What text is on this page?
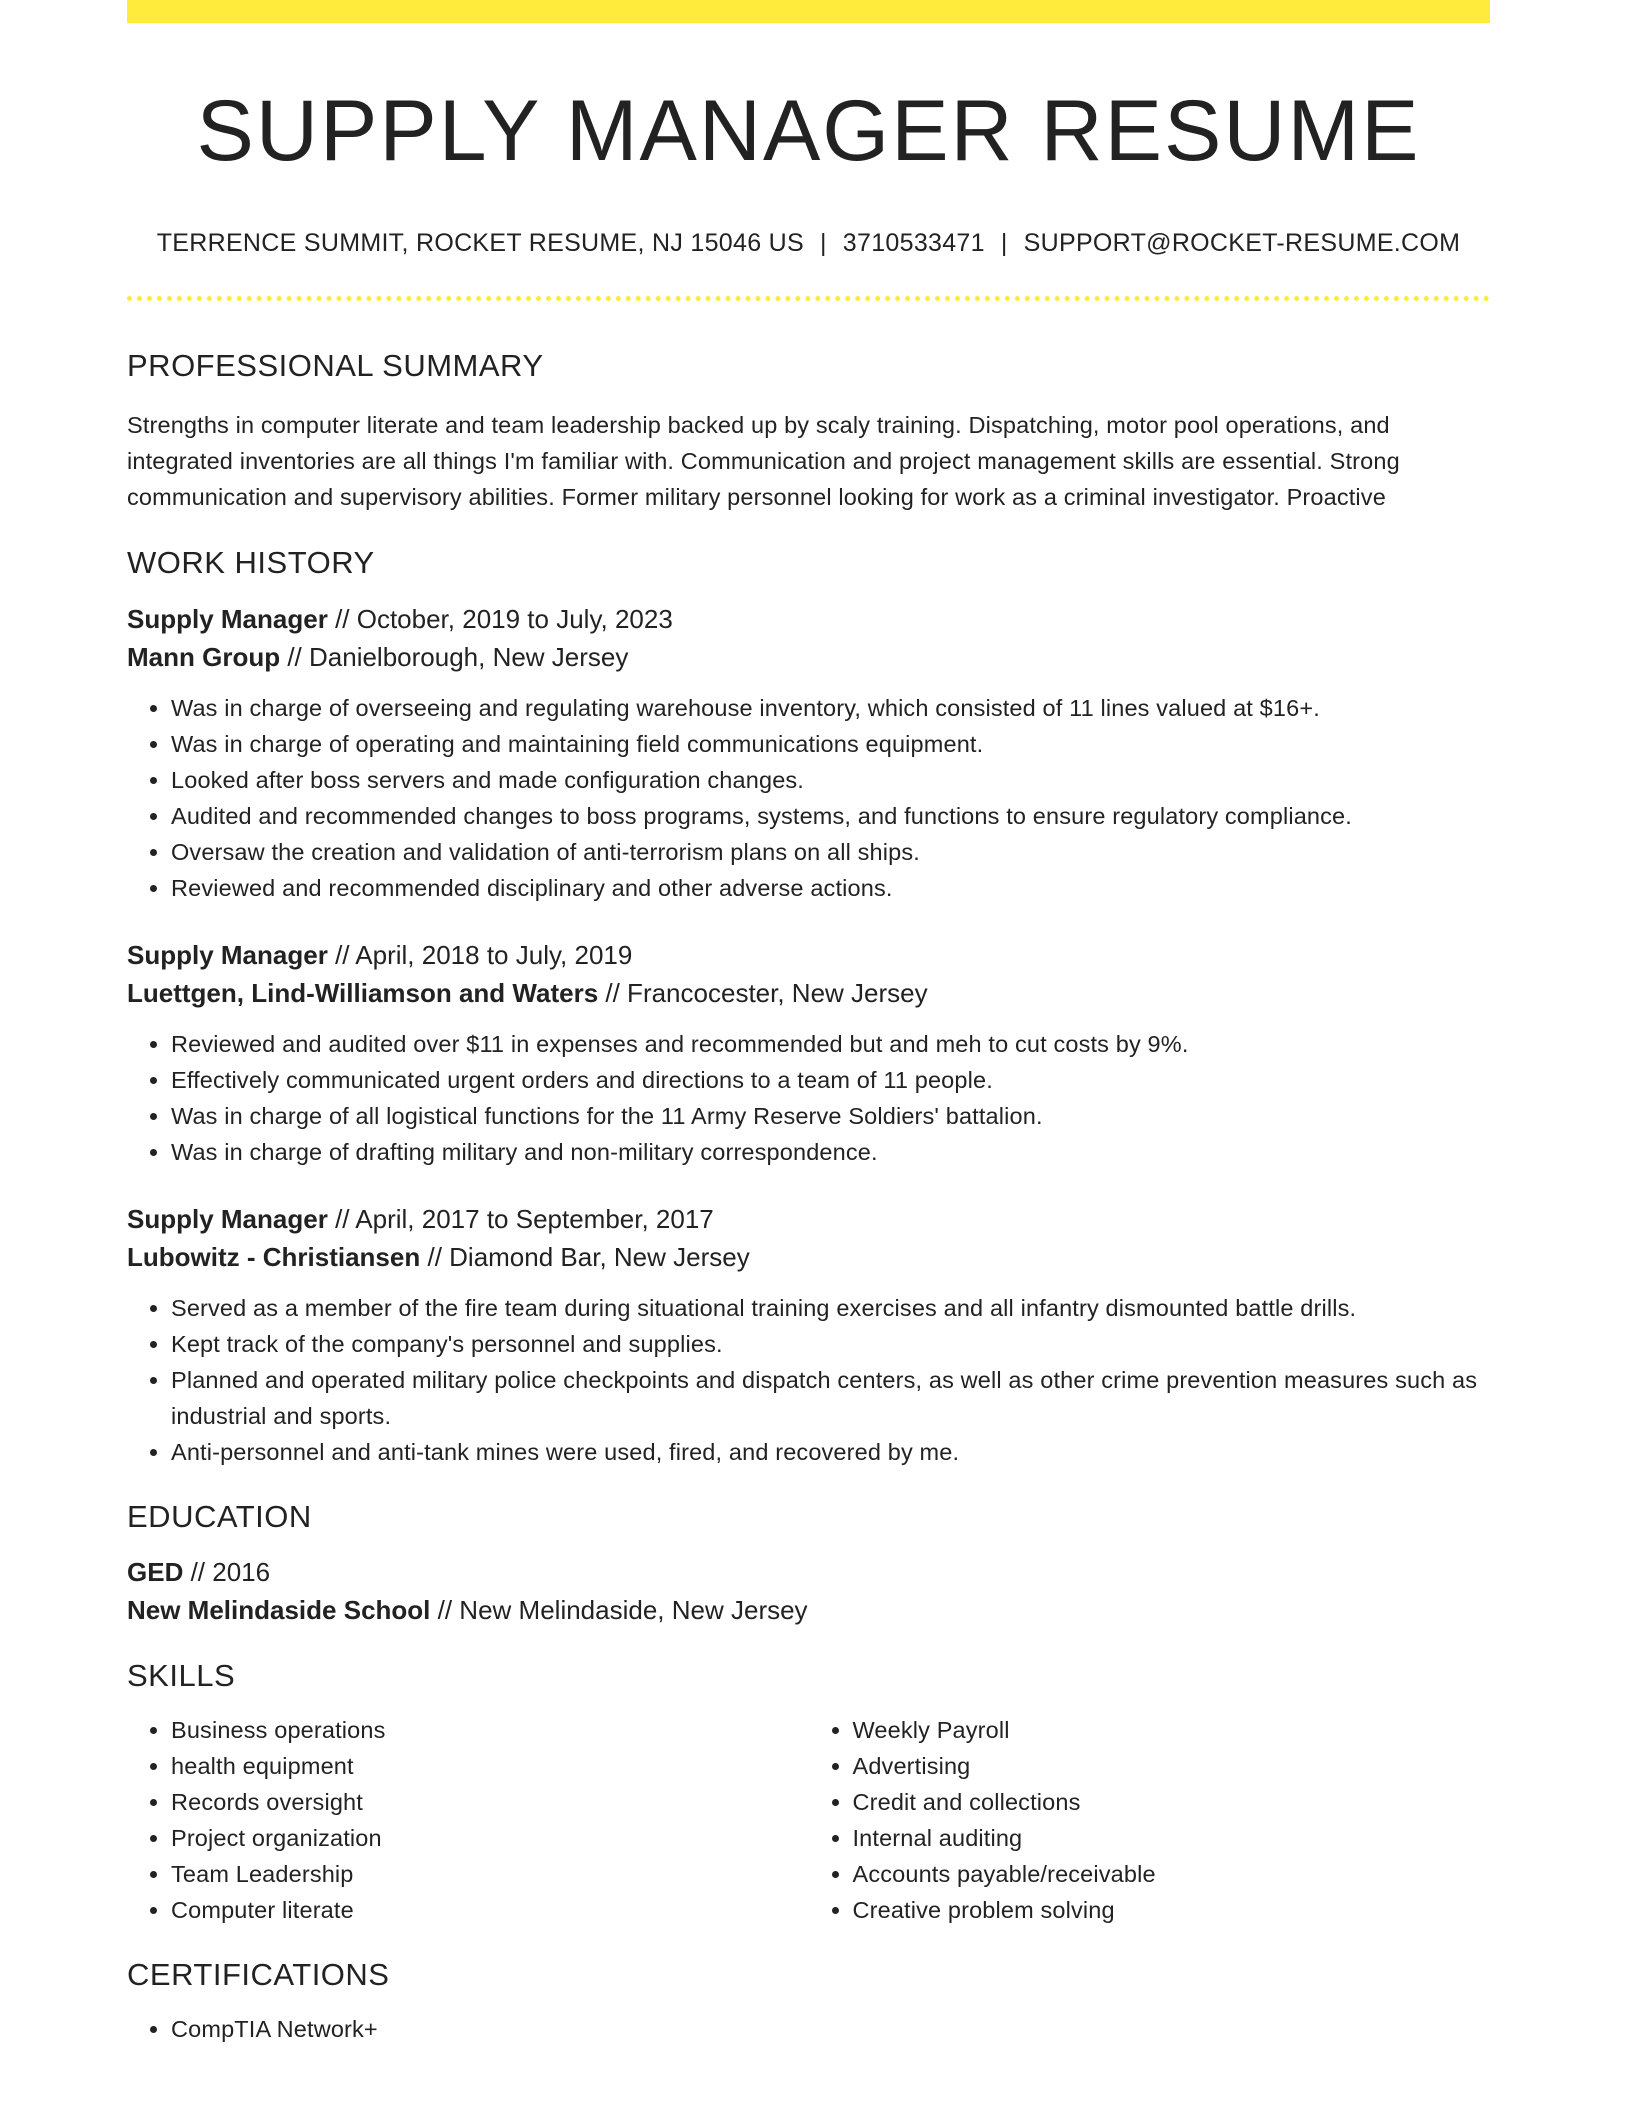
SUPPLY MANAGER RESUME
TERRENCE SUMMIT, ROCKET RESUME, NJ 15046 US | 3710533471 | SUPPORT@ROCKET-RESUME.COM
PROFESSIONAL SUMMARY
Strengths in computer literate and team leadership backed up by scaly training. Dispatching, motor pool operations, and integrated inventories are all things I'm familiar with. Communication and project management skills are essential. Strong communication and supervisory abilities. Former military personnel looking for work as a criminal investigator. Proactive
WORK HISTORY
Supply Manager // October, 2019 to July, 2023
Mann Group // Danielborough, New Jersey
• Was in charge of overseeing and regulating warehouse inventory, which consisted of 11 lines valued at $16+.
• Was in charge of operating and maintaining field communications equipment.
• Looked after boss servers and made configuration changes.
• Audited and recommended changes to boss programs, systems, and functions to ensure regulatory compliance.
• Oversaw the creation and validation of anti-terrorism plans on all ships.
• Reviewed and recommended disciplinary and other adverse actions.
Supply Manager // April, 2018 to July, 2019
Luettgen, Lind-Williamson and Waters // Francocester, New Jersey
• Reviewed and audited over $11 in expenses and recommended but and meh to cut costs by 9%.
• Effectively communicated urgent orders and directions to a team of 11 people.
• Was in charge of all logistical functions for the 11 Army Reserve Soldiers' battalion.
• Was in charge of drafting military and non-military correspondence.
Supply Manager // April, 2017 to September, 2017
Lubowitz - Christiansen // Diamond Bar, New Jersey
• Served as a member of the fire team during situational training exercises and all infantry dismounted battle drills.
• Kept track of the company's personnel and supplies.
• Planned and operated military police checkpoints and dispatch centers, as well as other crime prevention measures such as industrial and sports.
• Anti-personnel and anti-tank mines were used, fired, and recovered by me.
EDUCATION
GED // 2016
New Melindaside School // New Melindaside, New Jersey
SKILLS
• Business operations
• health equipment
• Records oversight
• Project organization
• Team Leadership
• Computer literate
• Weekly Payroll
• Advertising
• Credit and collections
• Internal auditing
• Accounts payable/receivable
• Creative problem solving
CERTIFICATIONS
• CompTIA Network+
